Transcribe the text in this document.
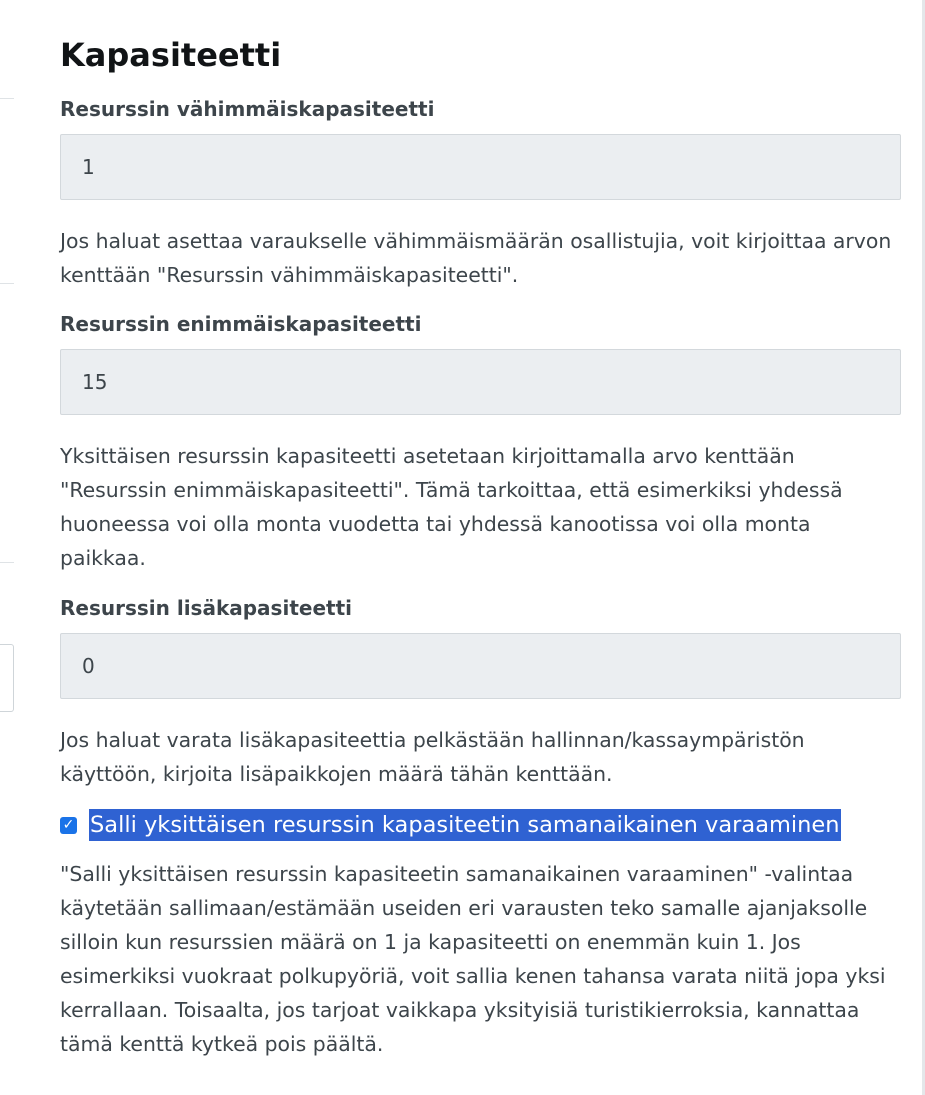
Kapasiteetti
Resurssin vähimmäiskapasiteetti
1

Jos haluat asettaa varaukselle vähimmäismäärän osallistujia, voit kirjoittaa arvon kenttään "Resurssin vähimmäiskapasiteetti".

Resurssin enimmäiskapasiteetti
15

Yksittäisen resurssin kapasiteetti asetetaan kirjoittamalla arvo kenttään "Resurssin enimmäiskapasiteetti". Tämä tarkoittaa, että esimerkiksi yhdessä huoneessa voi olla monta vuodetta tai yhdessä kanootissa voi olla monta paikkaa.

Resurssin lisäkapasiteetti
0

Jos haluat varata lisäkapasiteettia pelkästään hallinnan/kassaympäristön käyttöön, kirjoita lisäpaikkojen määrä tähän kenttään.

✓ Salli yksittäisen resurssin kapasiteetin samanaikainen varaaminen

"Salli yksittäisen resurssin kapasiteetin samanaikainen varaaminen" -valintaa käytetään sallimaan/estämään useiden eri varausten teko samalle ajanjaksolle silloin kun resurssien määrä on 1 ja kapasiteetti on enemmän kuin 1. Jos esimerkiksi vuokraat polkupyöriä, voit sallia kenen tahansa varata niitä jopa yksi kerrallaan. Toisaalta, jos tarjoat vaikkapa yksityisiä turistikierroksia, kannattaa tämä kenttä kytkeä pois päältä.
